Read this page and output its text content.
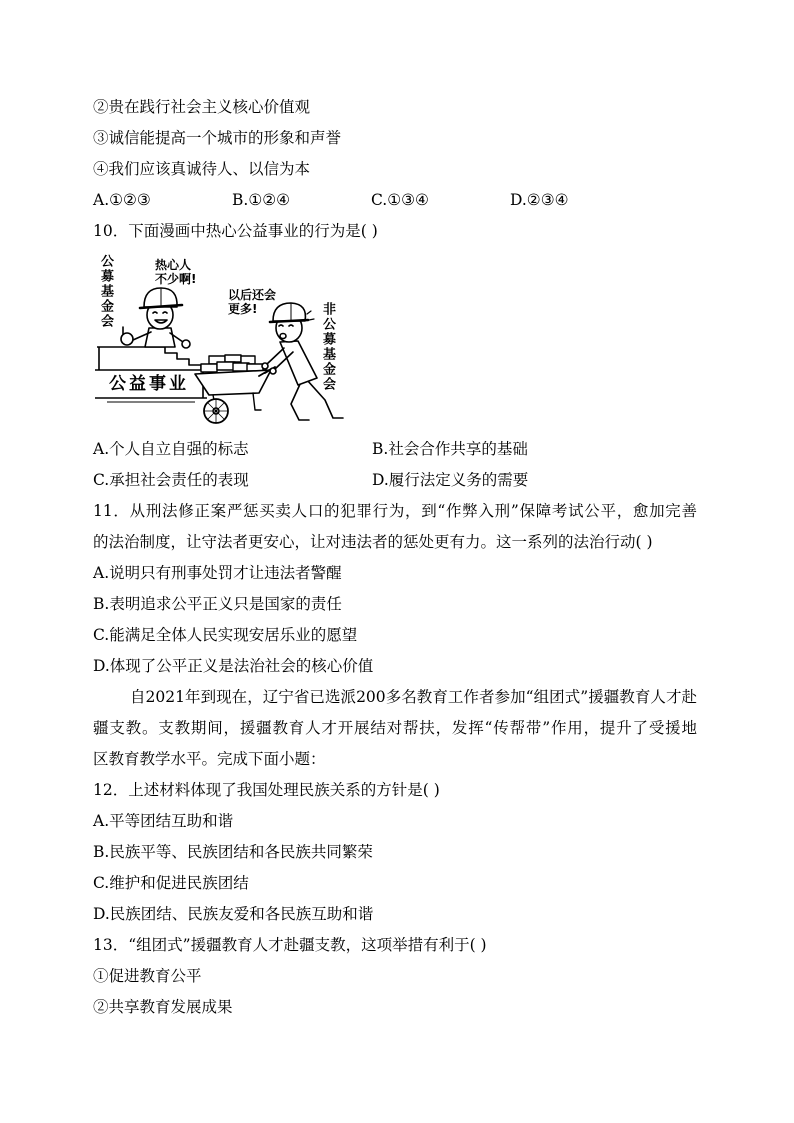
②贵在践行社会主义核心价值观
③诚信能提高一个城市的形象和声誉
④我们应该真诚待人、以信为本
A.①②③	B.①②④	C.①③④	D.②③④
10．下面漫画中热心公益事业的行为是( )
公募基金会	热心人
不少啊!
以后还会
更多!	非公募基金会
公益事业
A.个人自立自强的标志	B.社会合作共享的基础
C.承担社会责任的表现	D.履行法定义务的需要
11．从刑法修正案严惩买卖人口的犯罪行为，到“作弊入刑”保障考试公平，愈加完善
的法治制度，让守法者更安心，让对违法者的惩处更有力。这一系列的法治行动( )
A.说明只有刑事处罚才让违法者警醒
B.表明追求公平正义只是国家的责任
C.能满足全体人民实现安居乐业的愿望
D.体现了公平正义是法治社会的核心价值
自2021年到现在，辽宁省已选派200多名教育工作者参加“组团式”援疆教育人才赴
疆支教。支教期间，援疆教育人才开展结对帮扶，发挥“传帮带”作用，提升了受援地
区教育教学水平。完成下面小题：
12．上述材料体现了我国处理民族关系的方针是( )
A.平等团结互助和谐
B.民族平等、民族团结和各民族共同繁荣
C.维护和促进民族团结
D.民族团结、民族友爱和各民族互助和谐
13．“组团式”援疆教育人才赴疆支教，这项举措有利于( )
①促进教育公平
②共享教育发展成果
